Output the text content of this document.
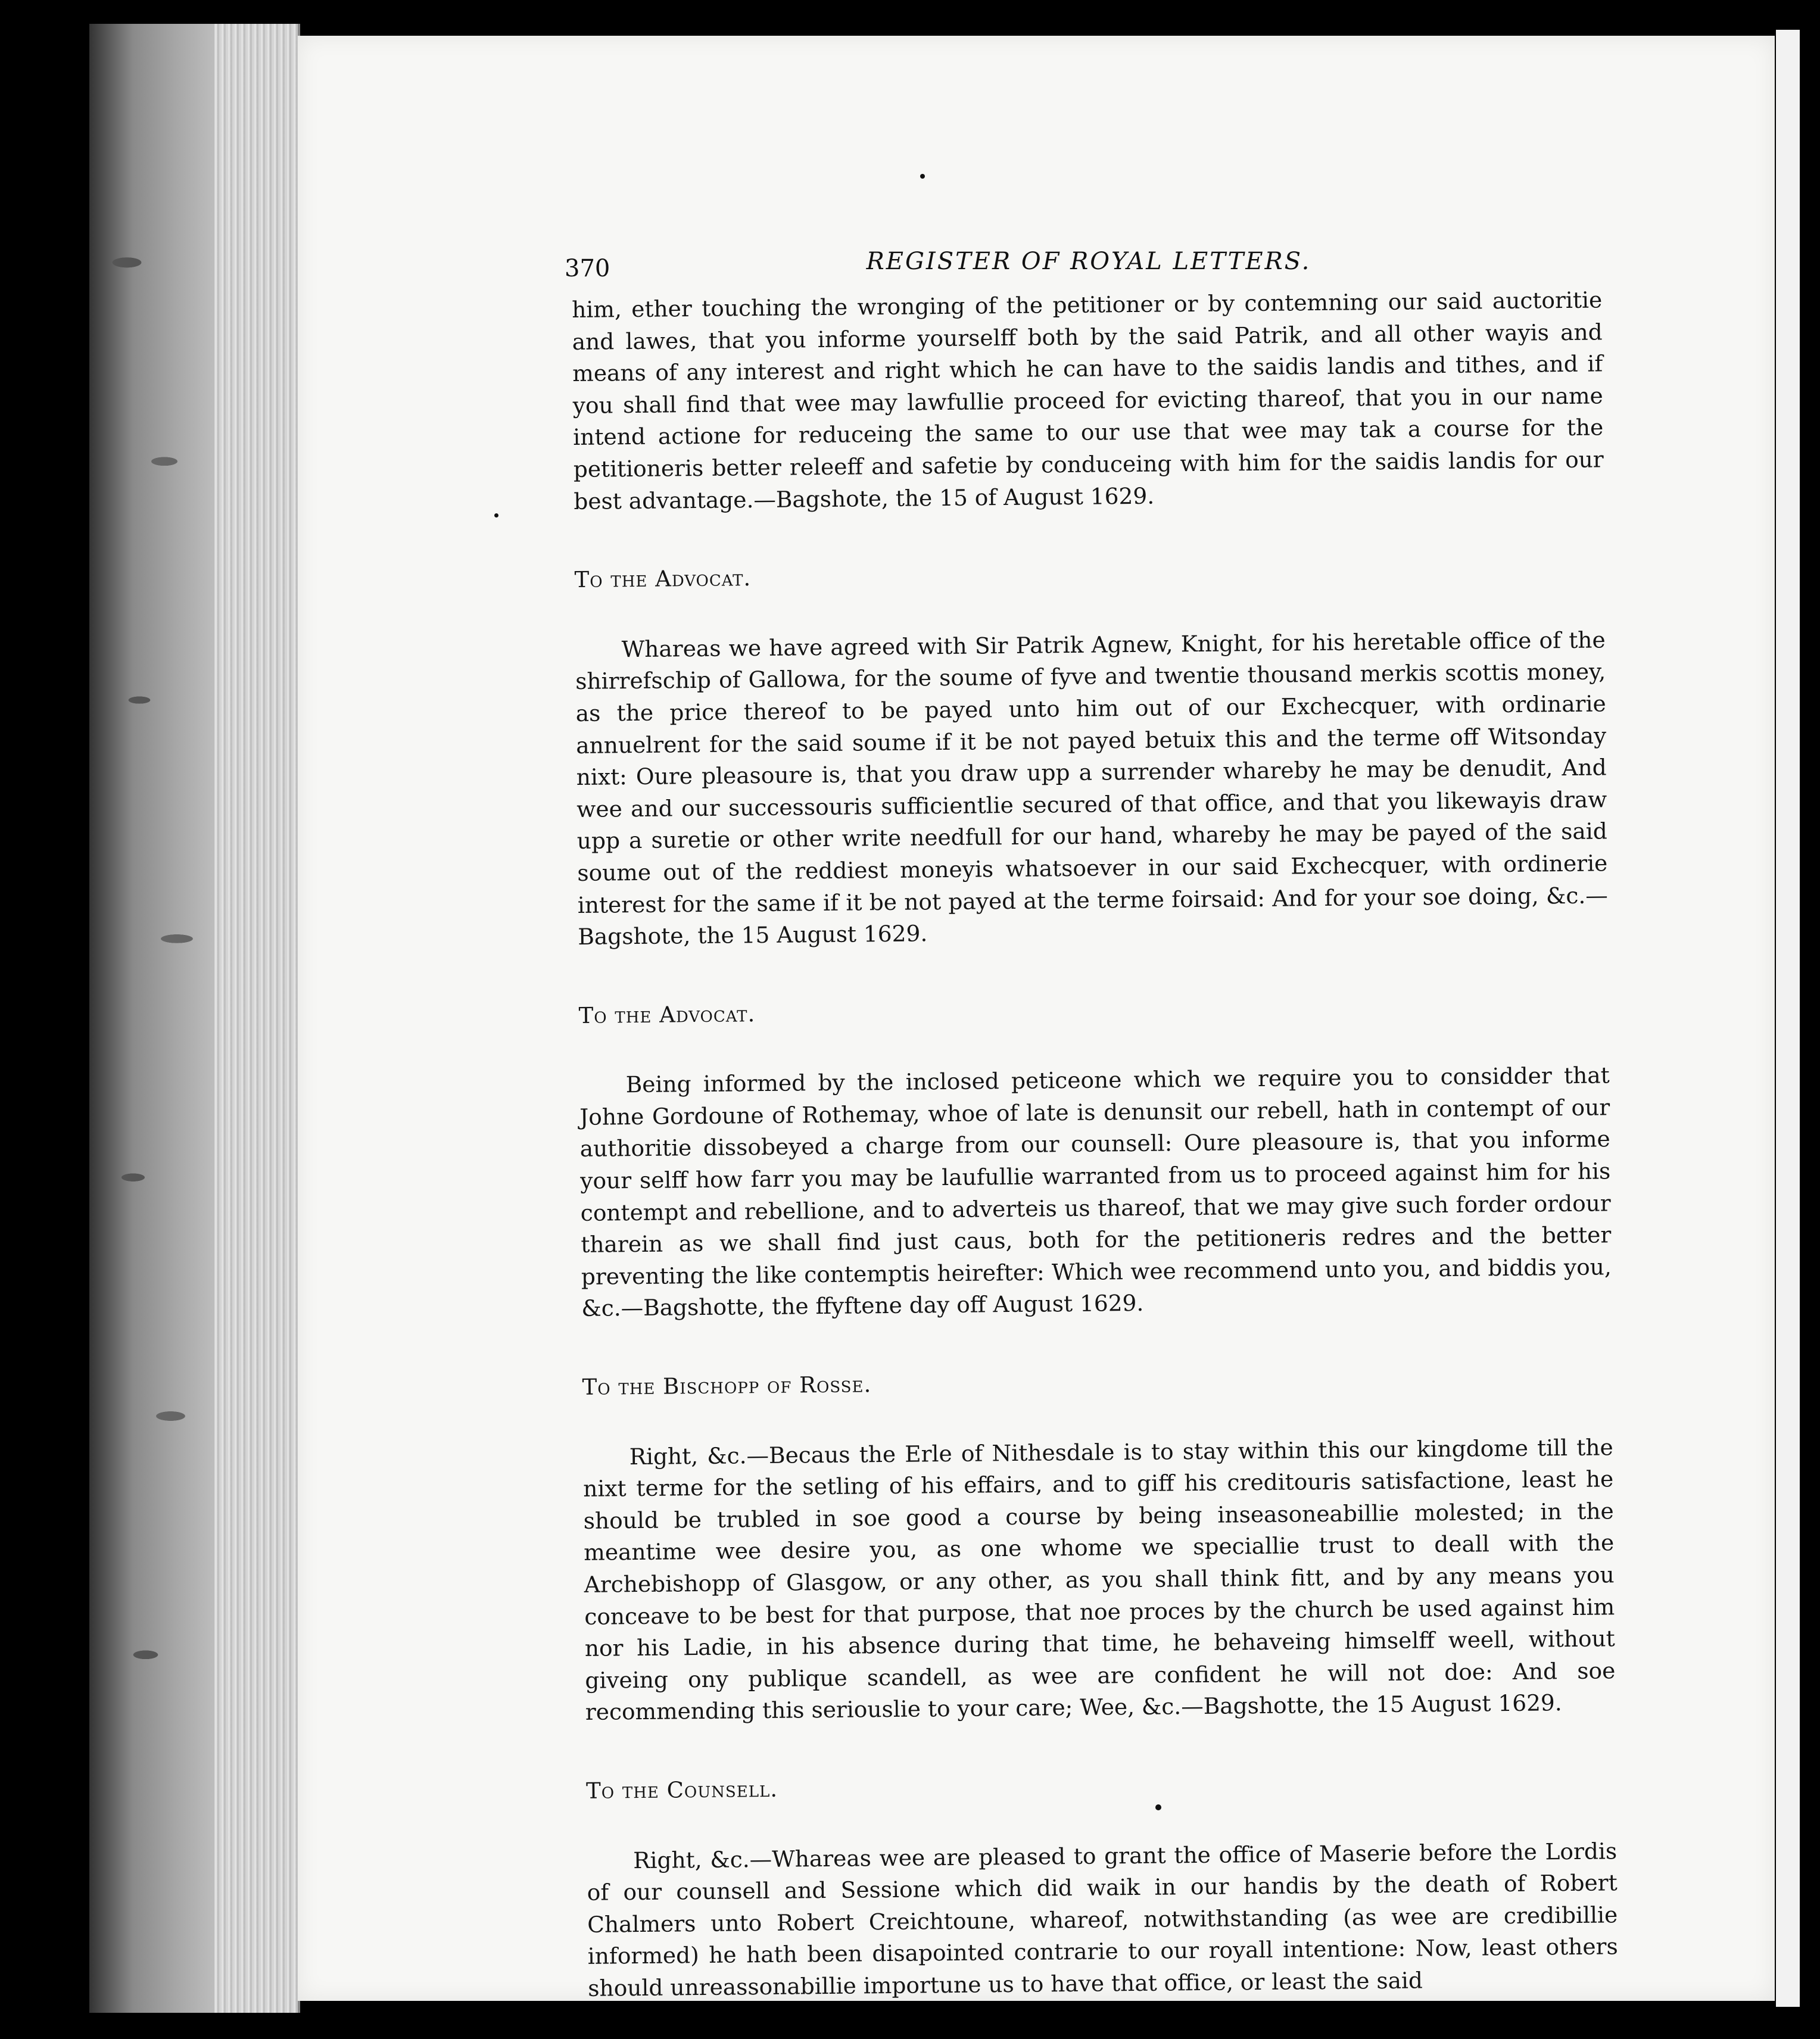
370	REGISTER OF ROYAL LETTERS.

him, ether touching the wronging of the petitioner or by contemning our said auctoritie and lawes, that you informe yourselff both by the said Patrik, and all other wayis and means of any interest and right which he can have to the saidis landis and tithes, and if you shall find that wee may lawfullie proceed for evicting thareof, that you in our name intend actione for reduceing the same to our use that wee may tak a course for the petitioneris better releeff and safetie by conduceing with him for the saidis landis for our best advantage.—Bagshote, the 15 of August 1629.

To the Advocat.

Whareas we have agreed with Sir Patrik Agnew, Knight, for his heretable office of the shirrefschip of Gallowa, for the soume of fyve and twentie thousand merkis scottis money, as the price thereof to be payed unto him out of our Exchecquer, with ordinarie annuelrent for the said soume if it be not payed betuix this and the terme off Witsonday nixt: Oure pleasoure is, that you draw upp a surrender whareby he may be denudit, And wee and our successouris sufficientlie secured of that office, and that you likewayis draw upp a suretie or other write needfull for our hand, whareby he may be payed of the said soume out of the reddiest moneyis whatsoever in our said Exchecquer, with ordinerie interest for the same if it be not payed at the terme foirsaid: And for your soe doing, &c.—Bagshote, the 15 August 1629.

To the Advocat.

Being informed by the inclosed peticeone which we require you to considder that Johne Gordoune of Rothemay, whoe of late is denunsit our rebell, hath in contempt of our authoritie dissobeyed a charge from our counsell: Oure pleasoure is, that you informe your selff how farr you may be laufullie warranted from us to proceed against him for his contempt and rebellione, and to adverteis us thareof, that we may give such forder ordour tharein as we shall find just caus, both for the petitioneris redres and the better preventing the like contemptis heirefter: Which wee recommend unto you, and biddis you, &c.—Bagshotte, the ffyftene day off August 1629.

To the Bischopp of Rosse.

Right, &c.—Becaus the Erle of Nithesdale is to stay within this our kingdome till the nixt terme for the setling of his effairs, and to giff his creditouris satisfactione, least he should be trubled in soe good a course by being inseasoneabillie molested; in the meantime wee desire you, as one whome we speciallie trust to deall with the Archebishopp of Glasgow, or any other, as you shall think fitt, and by any means you conceave to be best for that purpose, that noe proces by the church be used against him nor his Ladie, in his absence during that time, he behaveing himselff weell, without giveing ony publique scandell, as wee are confident he will not doe: And soe recommending this seriouslie to your care; Wee, &c.—Bagshotte, the 15 August 1629.

To the Counsell.

Right, &c.—Whareas wee are pleased to grant the office of Maserie before the Lordis of our counsell and Sessione which did waik in our handis by the death of Robert Chalmers unto Robert Creichtoune, whareof, notwithstanding (as wee are credibillie informed) he hath been disapointed contrarie to our royall intentione: Now, least others should unreassonabillie importune us to have that office, or least the said
